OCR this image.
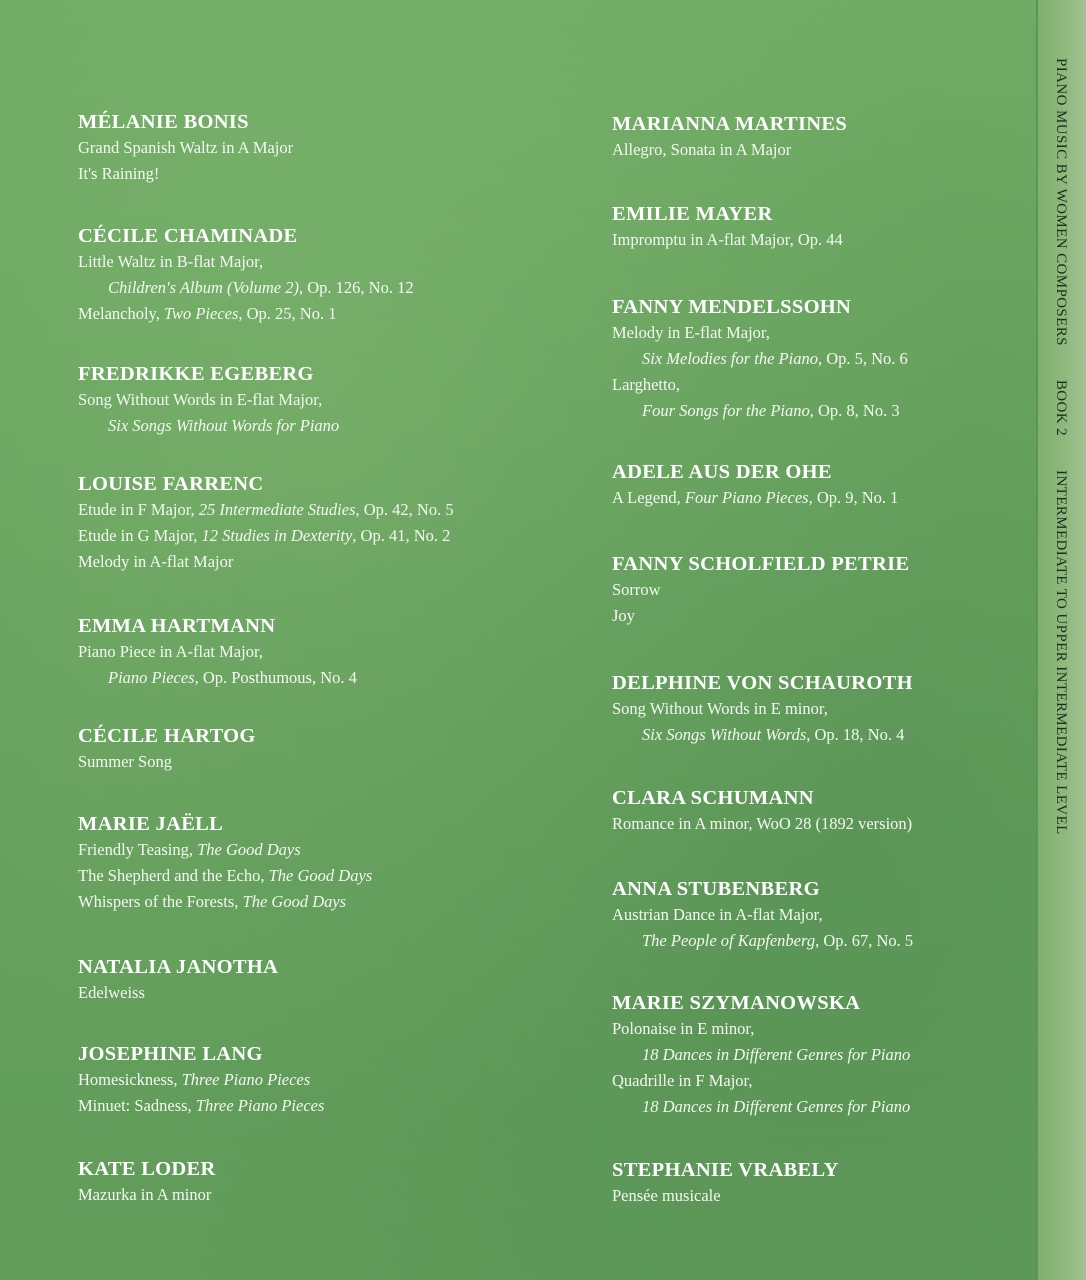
MÉLANIE BONIS
Grand Spanish Waltz in A Major
It's Raining!
CÉCILE CHAMINADE
Little Waltz in B-flat Major,
Children's Album (Volume 2), Op. 126, No. 12
Melancholy, Two Pieces, Op. 25, No. 1
FREDRIKKE EGEBERG
Song Without Words in E-flat Major,
Six Songs Without Words for Piano
LOUISE FARRENC
Etude in F Major, 25 Intermediate Studies, Op. 42, No. 5
Etude in G Major, 12 Studies in Dexterity, Op. 41, No. 2
Melody in A-flat Major
EMMA HARTMANN
Piano Piece in A-flat Major,
Piano Pieces, Op. Posthumous, No. 4
CÉCILE HARTOG
Summer Song
MARIE JAËLL
Friendly Teasing, The Good Days
The Shepherd and the Echo, The Good Days
Whispers of the Forests, The Good Days
NATALIA JANOTHA
Edelweiss
JOSEPHINE LANG
Homesickness, Three Piano Pieces
Minuet: Sadness, Three Piano Pieces
KATE LODER
Mazurka in A minor
MARIANNA MARTINES
Allegro, Sonata in A Major
EMILIE MAYER
Impromptu in A-flat Major, Op. 44
FANNY MENDELSSOHN
Melody in E-flat Major,
Six Melodies for the Piano, Op. 5, No. 6
Larghetto,
Four Songs for the Piano, Op. 8, No. 3
ADELE AUS DER OHE
A Legend, Four Piano Pieces, Op. 9, No. 1
FANNY SCHOLFIELD PETRIE
Sorrow
Joy
DELPHINE VON SCHAUROTH
Song Without Words in E minor,
Six Songs Without Words, Op. 18, No. 4
CLARA SCHUMANN
Romance in A minor, WoO 28 (1892 version)
ANNA STUBENBERG
Austrian Dance in A-flat Major,
The People of Kapfenberg, Op. 67, No. 5
MARIE SZYMANOWSKA
Polonaise in E minor,
18 Dances in Different Genres for Piano
Quadrille in F Major,
18 Dances in Different Genres for Piano
STEPHANIE VRABELY
Pensée musicale
PIANO MUSIC BY WOMEN COMPOSERSBOOK 2INTERMEDIATE TO UPPER INTERMEDIATE LEVEL
